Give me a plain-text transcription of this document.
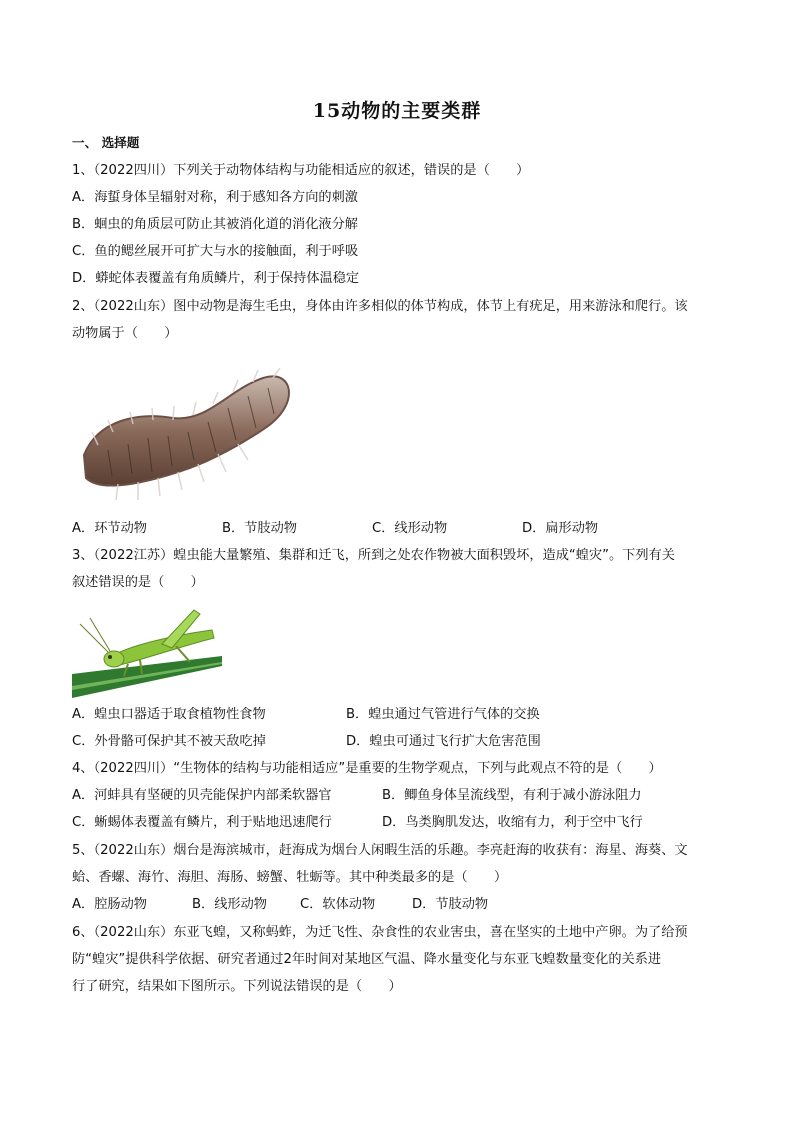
15动物的主要类群
一、 选择题
1、（2022四川）下列关于动物体结构与功能相适应的叙述，错误的是（　　）
A．海蜇身体呈辐射对称，利于感知各方向的刺激
B．蛔虫的角质层可防止其被消化道的消化液分解
C．鱼的鳃丝展开可扩大与水的接触面，利于呼吸
D．蟒蛇体表覆盖有角质鳞片，利于保持体温稳定
2、（2022山东）图中动物是海生毛虫，身体由许多相似的体节构成，体节上有疣足，用来游泳和爬行。该
动物属于（　　）
A．环节动物	B．节肢动物	C．线形动物	D．扁形动物
3、（2022江苏）蝗虫能大量繁殖、集群和迁飞，所到之处农作物被大面积毁坏，造成“蝗灾”。下列有关
叙述错误的是（　　）
A．蝗虫口器适于取食植物性食物	B．蝗虫通过气管进行气体的交换
C．外骨骼可保护其不被天敌吃掉	D．蝗虫可通过飞行扩大危害范围
4、（2022四川）“生物体的结构与功能相适应”是重要的生物学观点，下列与此观点不符的是（　　）
A．河蚌具有坚硬的贝壳能保护内部柔软器官	B．鲫鱼身体呈流线型，有利于减小游泳阻力
C．蜥蜴体表覆盖有鳞片，利于贴地迅速爬行	D．鸟类胸肌发达，收缩有力，利于空中飞行
5、（2022山东）烟台是海滨城市，赶海成为烟台人闲暇生活的乐趣。李亮赶海的收获有：海星、海葵、文
蛤、香螺、海竹、海胆、海肠、螃蟹、牡蛎等。其中种类最多的是（　　）
A．腔肠动物	B．线形动物	C．软体动物	D．节肢动物
6、（2022山东）东亚飞蝗，又称蚂蚱，为迁飞性、杂食性的农业害虫，喜在坚实的土地中产卵。为了给预
防“蝗灾”提供科学依据、研究者通过2年时间对某地区气温、降水量变化与东亚飞蝗数量变化的关系进
行了研究，结果如下图所示。下列说法错误的是（　　）
